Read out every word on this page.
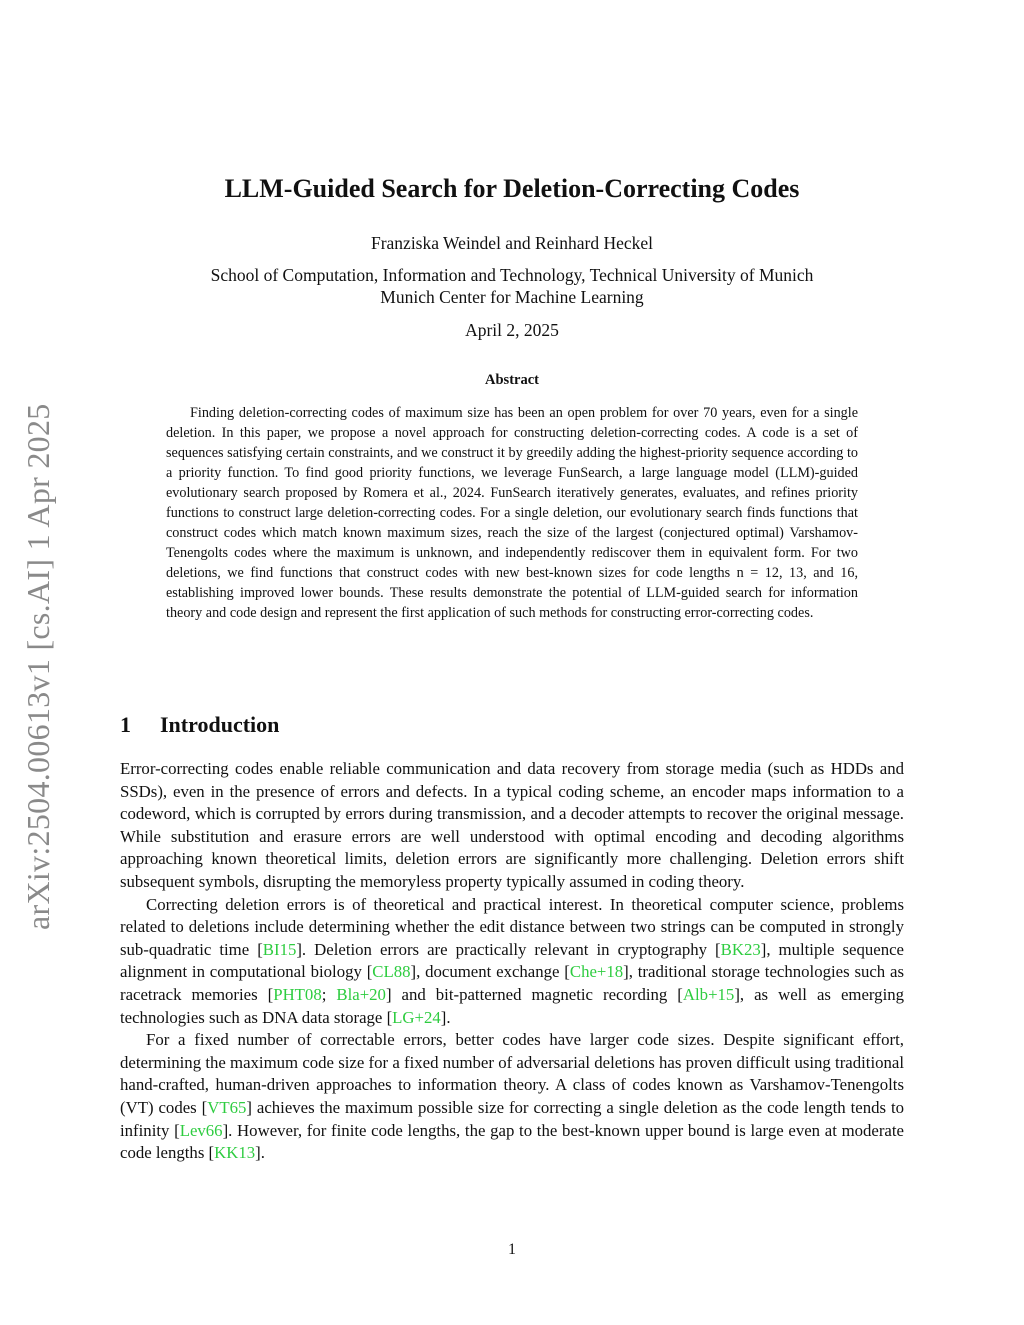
arXiv:2504.00613v1 [cs.AI] 1 Apr 2025
LLM-Guided Search for Deletion-Correcting Codes
Franziska Weindel and Reinhard Heckel
School of Computation, Information and Technology, Technical University of Munich
Munich Center for Machine Learning
April 2, 2025
Abstract

Finding deletion-correcting codes of maximum size has been an open problem for over 70 years, even for a single deletion. In this paper, we propose a novel approach for constructing deletion-correcting codes. A code is a set of sequences satisfying certain constraints, and we construct it by greedily adding the highest-priority sequence according to a priority function. To find good priority functions, we leverage FunSearch, a large language model (LLM)-guided evolutionary search proposed by Romera et al., 2024. FunSearch iteratively generates, evaluates, and refines priority functions to construct large deletion-correcting codes. For a single deletion, our evolutionary search finds functions that construct codes which match known maximum sizes, reach the size of the largest (conjectured optimal) Varshamov-Tenengolts codes where the maximum is unknown, and independently rediscover them in equivalent form. For two deletions, we find functions that construct codes with new best-known sizes for code lengths n = 12, 13, and 16, establishing improved lower bounds. These results demonstrate the potential of LLM-guided search for information theory and code design and represent the first application of such methods for constructing error-correcting codes.

1 Introduction

Error-correcting codes enable reliable communication and data recovery from storage media (such as HDDs and SSDs), even in the presence of errors and defects. In a typical coding scheme, an encoder maps information to a codeword, which is corrupted by errors during transmission, and a decoder attempts to recover the original message. While substitution and erasure errors are well understood with optimal encoding and decoding algorithms approaching known theoretical limits, deletion errors are significantly more challenging. Deletion errors shift subsequent symbols, disrupting the memoryless property typically assumed in coding theory.

Correcting deletion errors is of theoretical and practical interest. In theoretical computer science, problems related to deletions include determining whether the edit distance between two strings can be computed in strongly sub-quadratic time [BI15]. Deletion errors are practically relevant in cryptography [BK23], multiple sequence alignment in computational biology [CL88], document exchange [Che+18], traditional storage technologies such as racetrack memories [PHT08; Bla+20] and bit-patterned magnetic recording [Alb+15], as well as emerging technologies such as DNA data storage [LG+24].

For a fixed number of correctable errors, better codes have larger code sizes. Despite significant effort, determining the maximum code size for a fixed number of adversarial deletions has proven difficult using traditional hand-crafted, human-driven approaches to information theory. A class of codes known as Varshamov-Tenengolts (VT) codes [VT65] achieves the maximum possible size for correcting a single deletion as the code length tends to infinity [Lev66]. However, for finite code lengths, the gap to the best-known upper bound is large even at moderate code lengths [KK13].

1
